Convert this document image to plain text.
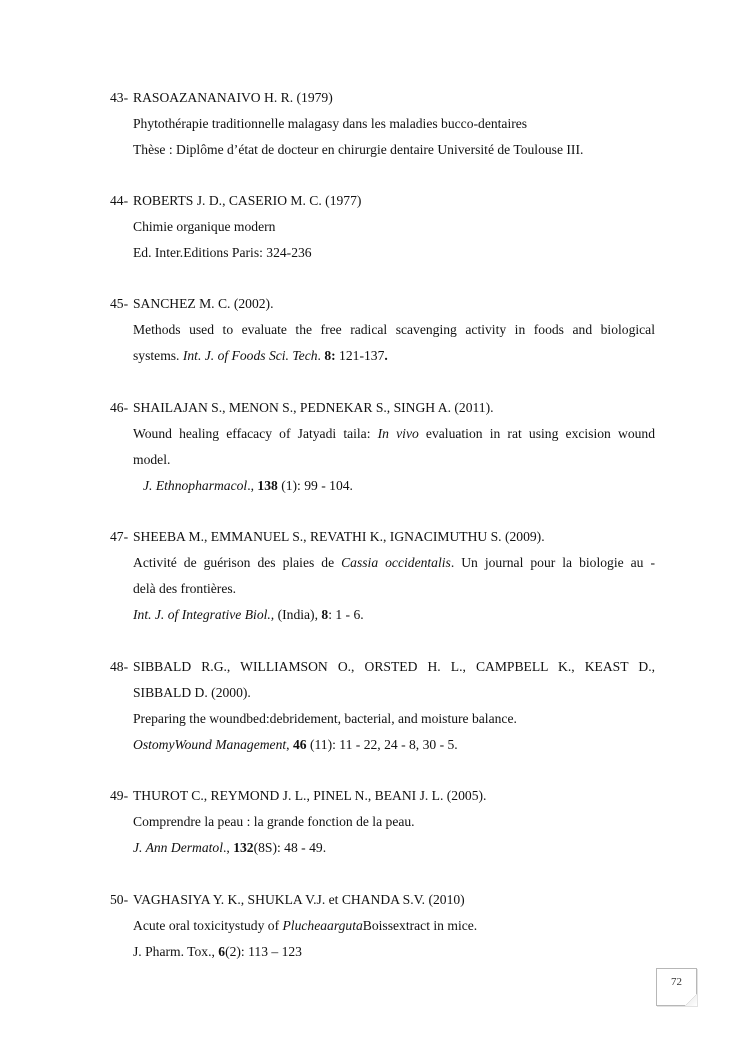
43- RASOAZANANAIVO H. R. (1979)
Phytothérapie traditionnelle malagasy dans les maladies bucco-dentaires
Thèse : Diplôme d’état de docteur en chirurgie dentaire Université de Toulouse III.
44- ROBERTS J. D., CASERIO M. C. (1977)
Chimie organique modern
Ed. Inter.Editions Paris: 324-236
45- SANCHEZ M. C. (2002).
Methods used to evaluate the free radical scavenging activity in foods and biological
systems. Int. J. of Foods Sci. Tech. 8: 121-137.
46- SHAILAJAN S., MENON S., PEDNEKAR S., SINGH A. (2011).
Wound healing effacacy of Jatyadi taila: In vivo evaluation in rat using excision wound
model.
J. Ethnopharmacol., 138 (1): 99 - 104.
47- SHEEBA M., EMMANUEL S., REVATHI K., IGNACIMUTHU S. (2009).
Activité de guérison des plaies de Cassia occidentalis. Un journal pour la biologie au -
delà des frontières.
Int. J. of Integrative Biol., (India), 8: 1 - 6.
48- SIBBALD R.G., WILLIAMSON O., ORSTED H. L., CAMPBELL K., KEAST D.,
SIBBALD D. (2000).
Preparing the woundbed:debridement, bacterial, and moisture balance.
OstomyWound Management, 46 (11): 11 - 22, 24 - 8, 30 - 5.
49- THUROT C., REYMOND J. L., PINEL N., BEANI J. L. (2005).
Comprendre la peau : la grande fonction de la peau.
J. Ann Dermatol., 132(8S): 48 - 49.
50- VAGHASIYA Y. K., SHUKLA V.J. et CHANDA S.V. (2010)
Acute oral toxicitystudy of PlucheaargutaBoissextract in mice.
J. Pharm. Tox., 6(2): 113 – 123
72
